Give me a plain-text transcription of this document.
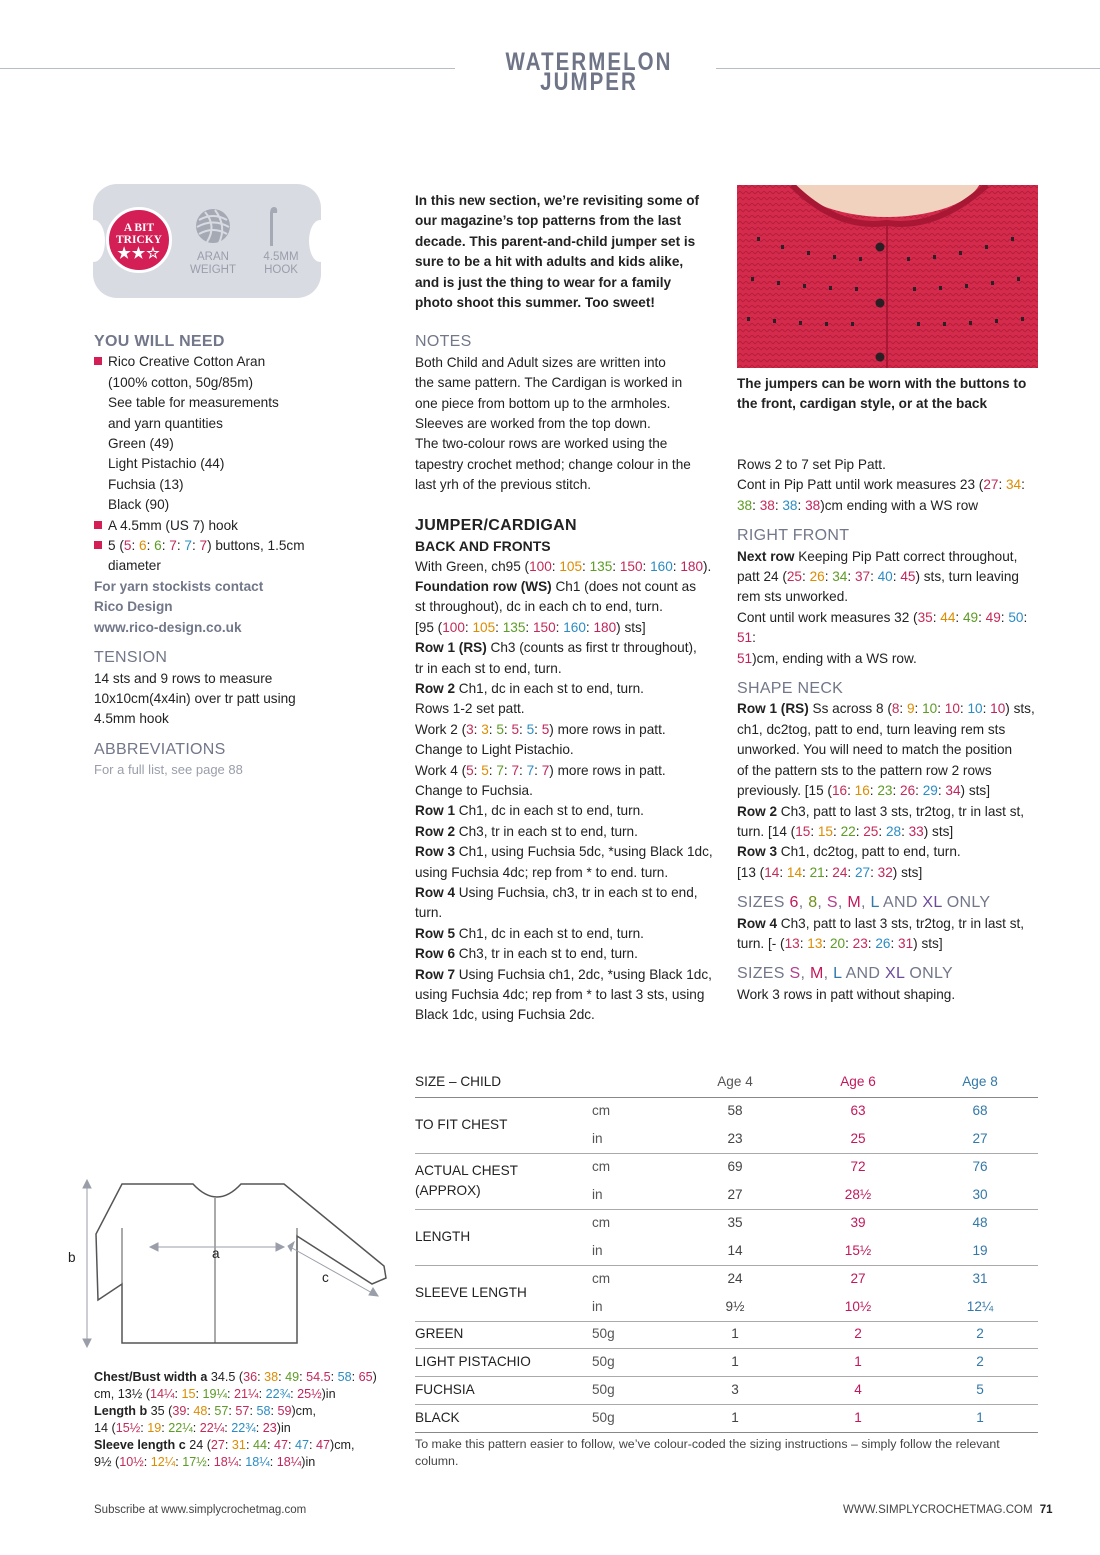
WATERMELON JUMPER
A BIT
TRICKY
★★☆	ARAN
WEIGHT
4.5MM
HOOK
YOU WILL NEED

Rico Creative Cotton Aran

(100% cotton, 50g/85m)

See table for measurements

and yarn quantities

Green (49)

Light Pistachio (44)

Fuchsia (13)

Black (90)

A 4.5mm (US 7) hook

5 (5: 6: 6: 7: 7: 7) buttons, 1.5cm

diameter

For yarn stockists contact

Rico Design

www.rico-design.co.uk

TENSION

14 sts and 9 rows to measure

10x10cm(4x4in) over tr patt using

4.5mm hook

ABBREVIATIONS

For a full list, see page 88

In this new section, we’re revisiting some of

our magazine’s top patterns from the last

decade. This parent-and-child jumper set is

sure to be a hit with adults and kids alike,

and is just the thing to wear for a family

photo shoot this summer. Too sweet!

NOTES

Both Child and Adult sizes are written into

the same pattern. The Cardigan is worked in

one piece from bottom up to the armholes.

Sleeves are worked from the top down.

The two-colour rows are worked using the

tapestry crochet method; change colour in the

last yrh of the previous stitch.

JUMPER/CARDIGAN
BACK AND FRONTS

With Green, ch95 (100: 105: 135: 150: 160: 180).

Foundation row (WS) Ch1 (does not count as

st throughout), dc in each ch to end, turn.

[95 (100: 105: 135: 150: 160: 180) sts]

Row 1 (RS) Ch3 (counts as first tr throughout),

tr in each st to end, turn.

Row 2 Ch1, dc in each st to end, turn.

Rows 1-2 set patt.

Work 2 (3: 3: 5: 5: 5: 5) more rows in patt.

Change to Light Pistachio.

Work 4 (5: 5: 7: 7: 7: 7) more rows in patt.

Change to Fuchsia.

Row 1 Ch1, dc in each st to end, turn.

Row 2 Ch3, tr in each st to end, turn.

Row 3 Ch1, using Fuchsia 5dc, *using Black 1dc,

using Fuchsia 4dc; rep from * to end. turn.

Row 4 Using Fuchsia, ch3, tr in each st to end,

turn.

Row 5 Ch1, dc in each st to end, turn.

Row 6 Ch3, tr in each st to end, turn.

Row 7 Using Fuchsia ch1, 2dc, *using Black 1dc,

using Fuchsia 4dc; rep from * to last 3 sts, using

Black 1dc, using Fuchsia 2dc.

The jumpers can be worn with the buttons to

the front, cardigan style, or at the back

Rows 2 to 7 set Pip Patt.

Cont in Pip Patt until work measures 23 (27: 34:

38: 38: 38: 38)cm ending with a WS row

RIGHT FRONT

Next row Keeping Pip Patt correct throughout,

patt 24 (25: 26: 34: 37: 40: 45) sts, turn leaving

rem sts unworked.

Cont until work measures 32 (35: 44: 49: 49: 50: 51:

51)cm, ending with a WS row.

SHAPE NECK

Row 1 (RS) Ss across 8 (8: 9: 10: 10: 10: 10) sts,

ch1, dc2tog, patt to end, turn leaving rem sts

unworked. You will need to match the position

of the pattern sts to the pattern row 2 rows

previously. [15 (16: 16: 23: 26: 29: 34) sts]

Row 2 Ch3, patt to last 3 sts, tr2tog, tr in last st,

turn. [14 (15: 15: 22: 25: 28: 33) sts]

Row 3 Ch1, dc2tog, patt to end, turn.

[13 (14: 14: 21: 24: 27: 32) sts]

SIZES 6, 8, S, M, L AND XL ONLY

Row 4 Ch3, patt to last 3 sts, tr2tog, tr in last st,

turn. [- (13: 13: 20: 23: 26: 31) sts]

SIZES S, M, L AND XL ONLY

Work 3 rows in patt without shaping.

a
b
c

Chest/Bust width a 34.5 (36: 38: 49: 54.5: 58: 65)

cm, 13½ (14¼: 15: 19¼: 21¼: 22¾: 25½)in

Length b 35 (39: 48: 57: 57: 58: 59)cm,

14 (15½: 19: 22¼: 22¼: 22¾: 23)in

Sleeve length c 24 (27: 31: 44: 47: 47: 47)cm,

9½ (10½: 12¼: 17½: 18¼: 18¼: 18¼)in

SIZE – CHILD		Age 4	Age 6	Age 8
TO FIT CHEST	cm	58	63	68
	in	23	25	27

ACTUAL CHEST
(APPROX)	cm	69	72	76
	in	27	28½	30
LENGTH	cm	35	39	48
	in	14	15½	19
SLEEVE LENGTH	cm	24	27	31
	in	9½	10½	12¼
GREEN	50g	1	2	2
LIGHT PISTACHIO	50g	1	1	2
FUCHSIA	50g	3	4	5
BLACK	50g	1	1	1

To make this pattern easier to follow, we’ve colour-coded the sizing instructions – simply follow the relevant

column.

Subscribe at www.simplycrochetmag.com	WWW.SIMPLYCROCHETMAG.COM 71
